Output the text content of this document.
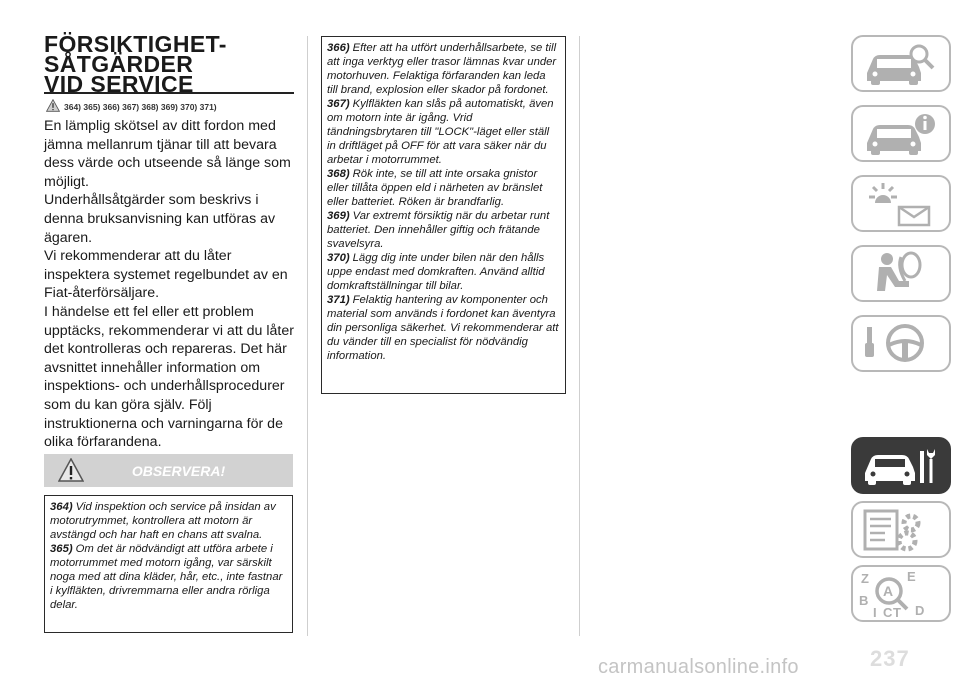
FÖRSIKTIGHET-
SÅTGÄRDER
VID SERVICE
364) 365) 366) 367) 368) 369) 370) 371)

En lämplig skötsel av ditt fordon med jämna mellanrum tjänar till att bevara dess värde och utseende så länge som möjligt.

Underhållsåtgärder som beskrivs i denna bruksanvisning kan utföras av ägaren.

Vi rekommenderar att du låter inspektera systemet regelbundet av en Fiat-återförsäljare.

I händelse ett fel eller ett problem upptäcks, rekommenderar vi att du låter det kontrolleras och repareras. Det här avsnittet innehåller information om inspektions- och underhållsprocedurer som du kan göra själv. Följ instruktionerna och varningarna för de olika förfarandena.

OBSERVERA!

364) Vid inspektion och service på insidan av motorutrymmet, kontrollera att motorn är avstängd och har haft en chans att svalna.

365) Om det är nödvändigt att utföra arbete i motorrummet med motorn igång, var särskilt noga med att dina kläder, hår, etc., inte fastnar i kylfläkten, drivremmarna eller andra rörliga delar.

366) Efter att ha utfört underhållsarbete, se till att inga verktyg eller trasor lämnas kvar under motorhuven. Felaktiga förfaranden kan leda till brand, explosion eller skador på fordonet.

367) Kylfläkten kan slås på automatiskt, även om motorn inte är igång. Vrid tändningsbrytaren till "LOCK"-läget eller ställ in driftläget på OFF för att vara säker när du arbetar i motorrummet.

368) Rök inte, se till att inte orsaka gnistor eller tillåta öppen eld i närheten av bränslet eller batteriet. Röken är brandfarlig.

369) Var extremt försiktig när du arbetar runt batteriet. Den innehåller giftig och frätande svavelsyra.

370) Lägg dig inte under bilen när den hålls uppe endast med domkraften. Använd alltid domkraftställningar till bilar.

371) Felaktig hantering av komponenter och material som används i fordonet kan äventyra din personliga säkerhet. Vi rekommenderar att du vänder till en specialist för nödvändig information.

Z	E
B
I C T D
A
237
carmanualsonline.info
